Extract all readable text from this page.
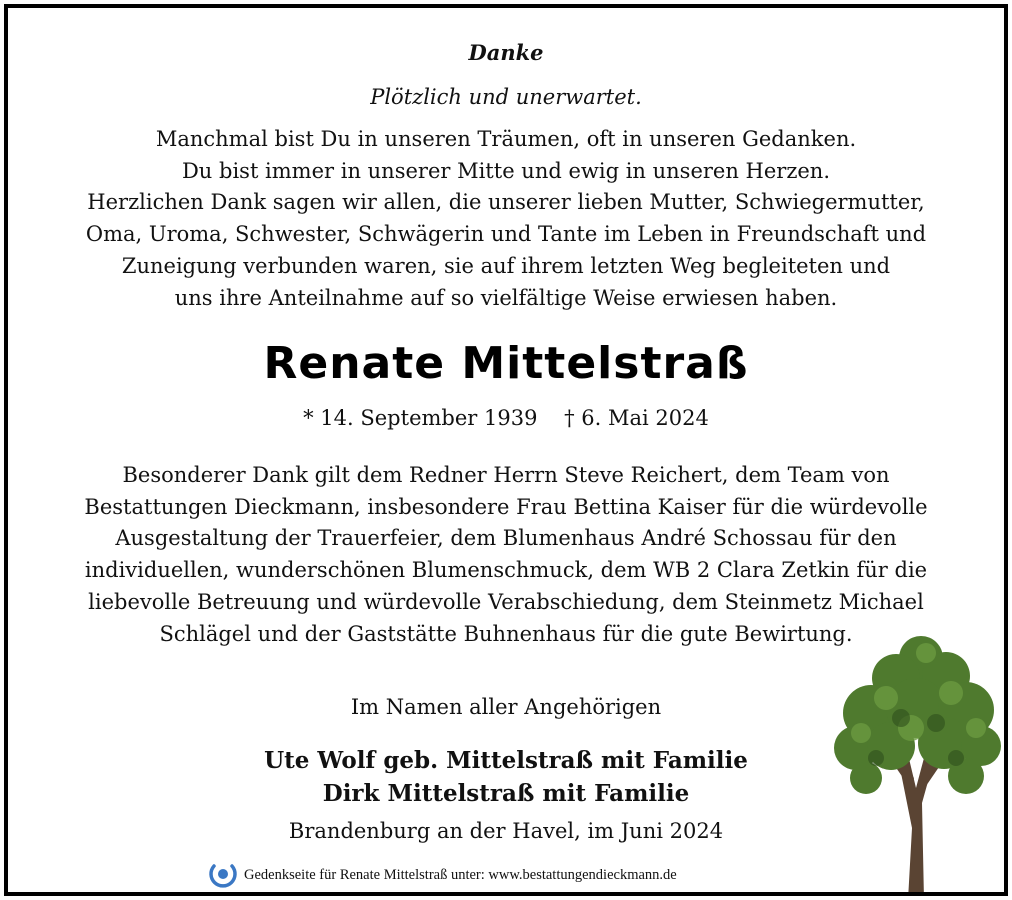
Danke
Plötzlich und unerwartet.
Manchmal bist Du in unseren Träumen, oft in unseren Gedanken.
Du bist immer in unserer Mitte und ewig in unseren Herzen.
Herzlichen Dank sagen wir allen, die unserer lieben Mutter, Schwiegermutter,
Oma, Uroma, Schwester, Schwägerin und Tante im Leben in Freundschaft und
Zuneigung verbunden waren, sie auf ihrem letzten Weg begleiteten und
uns ihre Anteilnahme auf so vielfältige Weise erwiesen haben.
Renate Mittelstraß
* 14. September 1939 † 6. Mai 2024
Besonderer Dank gilt dem Redner Herrn Steve Reichert, dem Team von
Bestattungen Dieckmann, insbesondere Frau Bettina Kaiser für die würdevolle
Ausgestaltung der Trauerfeier, dem Blumenhaus André Schossau für den
individuellen, wunderschönen Blumenschmuck, dem WB 2 Clara Zetkin für die
liebevolle Betreuung und würdevolle Verabschiedung, dem Steinmetz Michael
Schlägel und der Gaststätte Buhnenhaus für die gute Bewirtung.
Im Namen aller Angehörigen
Ute Wolf geb. Mittelstraß mit Familie
Dirk Mittelstraß mit Familie
Brandenburg an der Havel, im Juni 2024
Gedenkseite für Renate Mittelstraß unter: www.bestattungendieckmann.de
